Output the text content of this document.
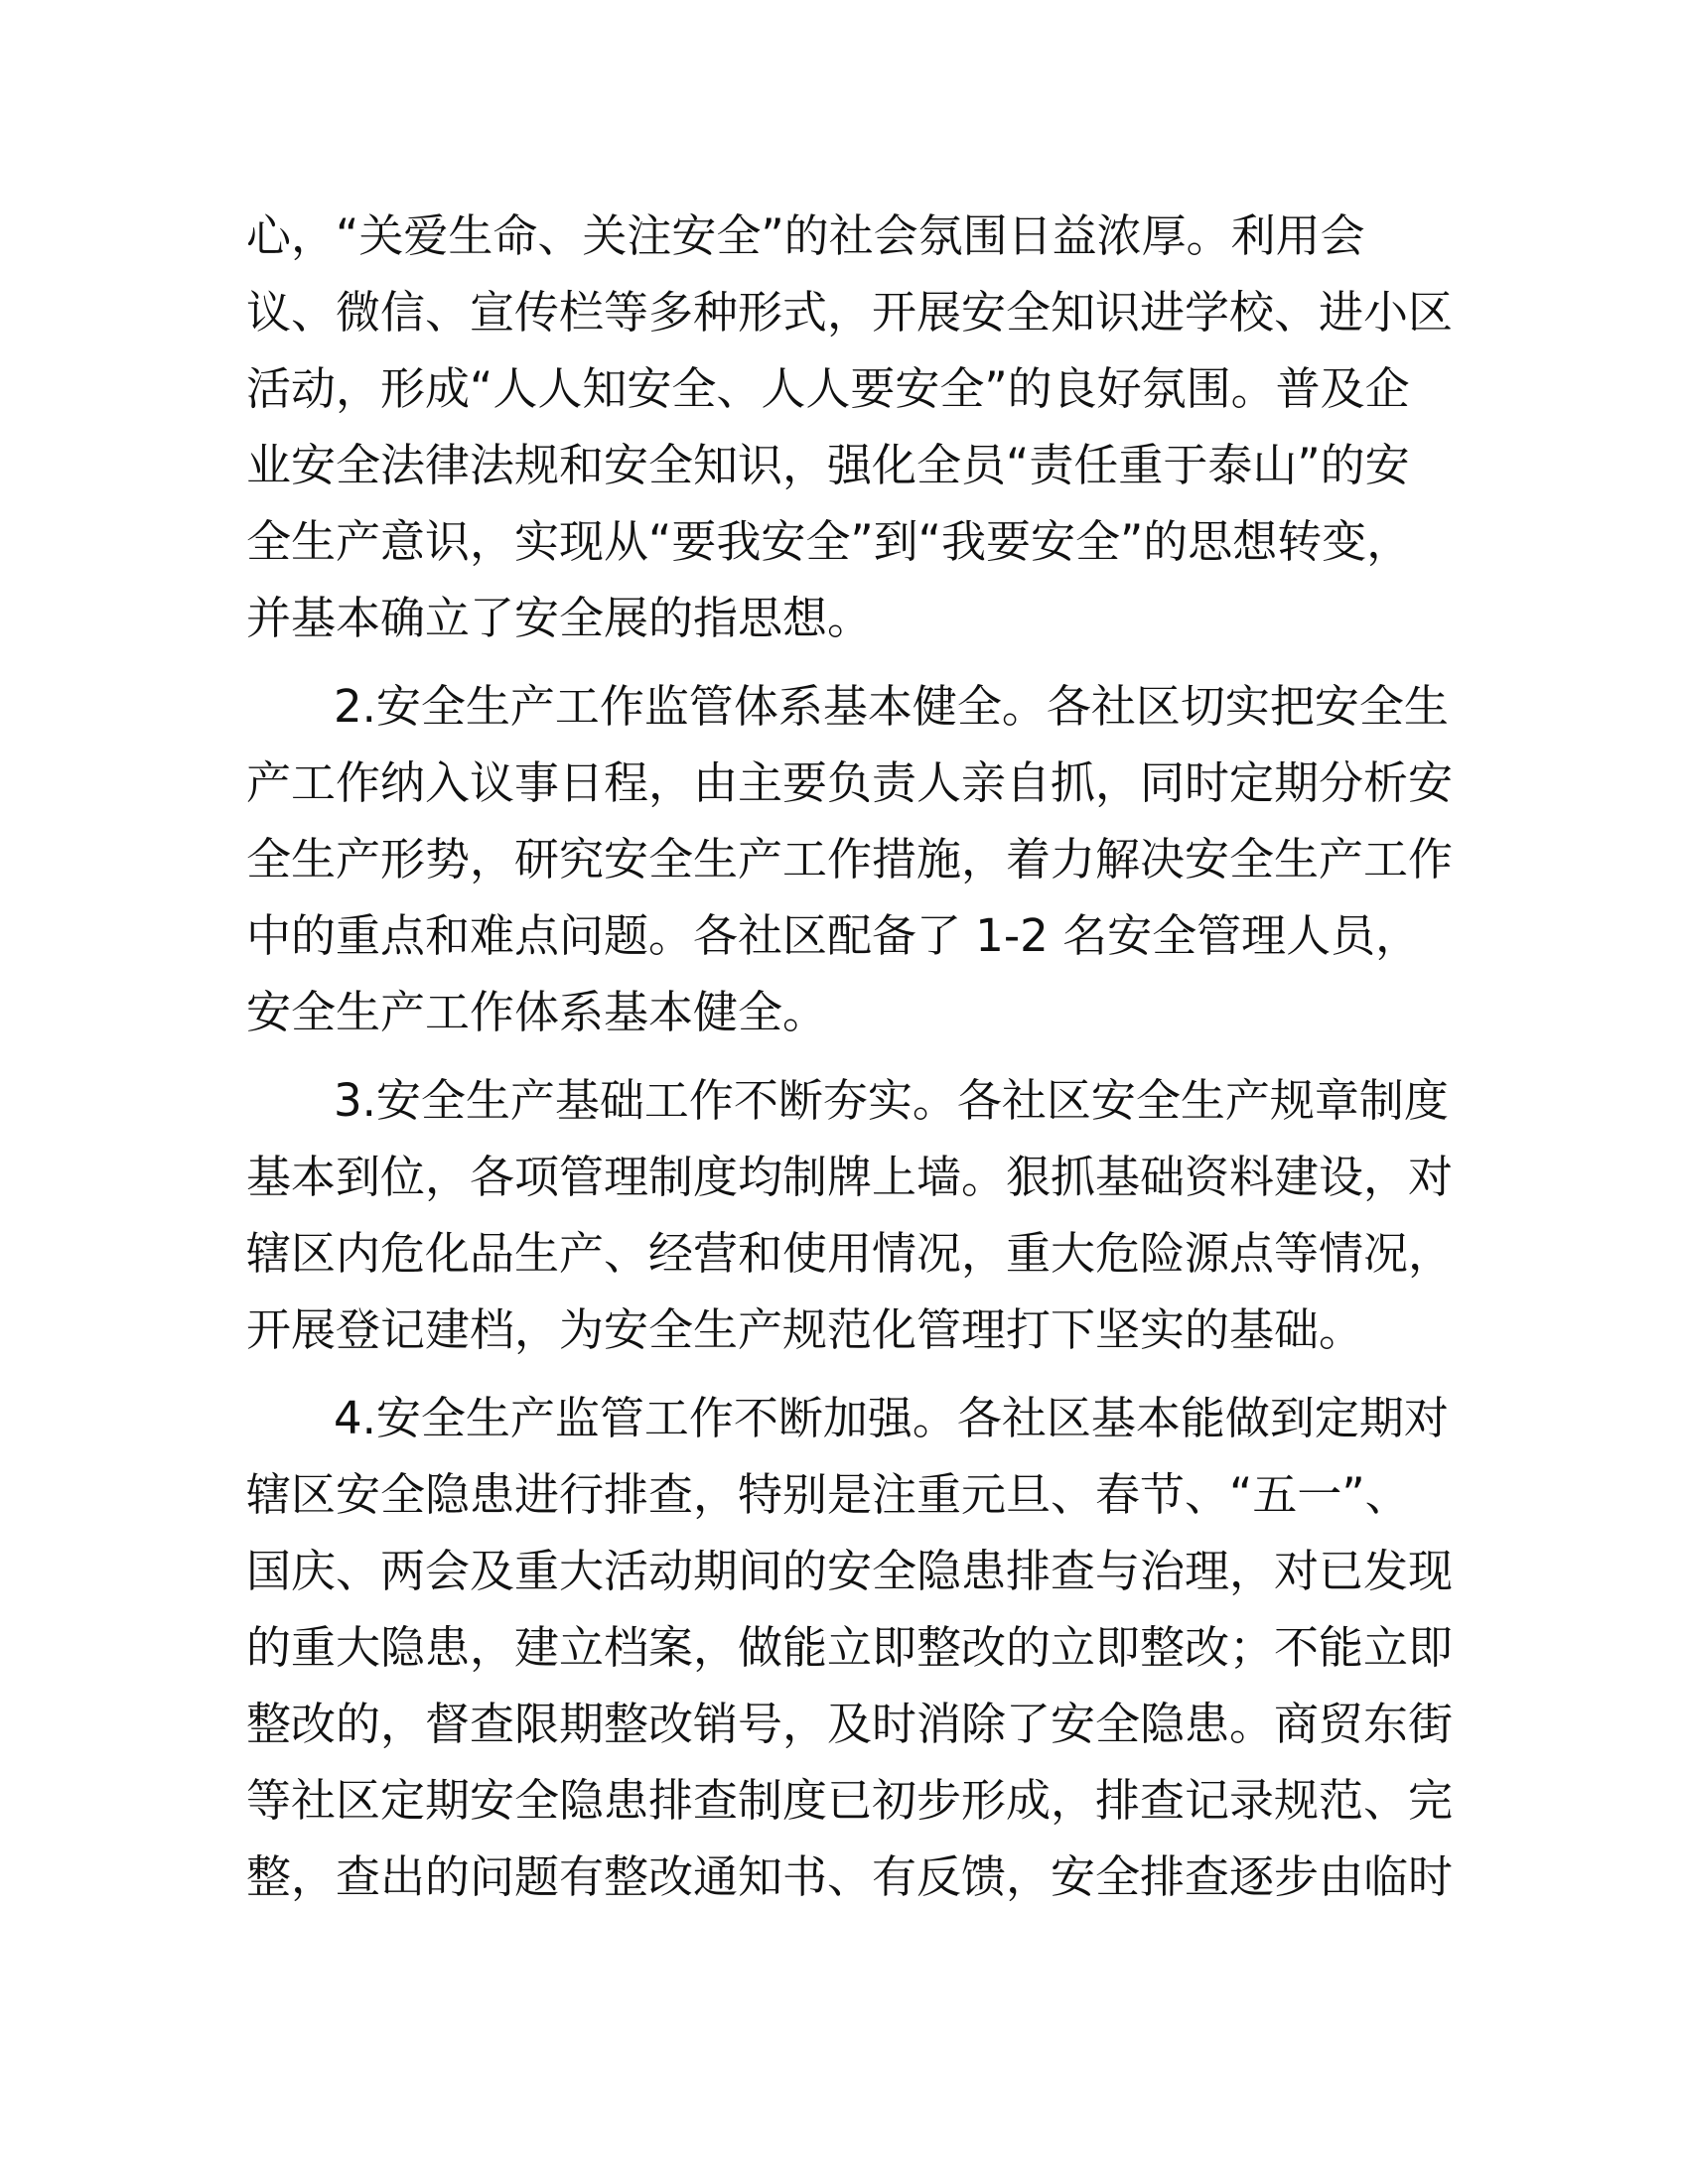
心，“关爱生命、关注安全”的社会氛围日益浓厚。利用会
议、微信、宣传栏等多种形式，开展安全知识进学校、进小区
活动，形成“人人知安全、人人要安全”的良好氛围。普及企
业安全法律法规和安全知识，强化全员“责任重于泰山”的安
全生产意识，实现从“要我安全”到“我要安全”的思想转变，
并基本确立了安全展的指思想。
2.安全生产工作监管体系基本健全。各社区切实把安全生
产工作纳入议事日程，由主要负责人亲自抓，同时定期分析安
全生产形势，研究安全生产工作措施，着力解决安全生产工作
中的重点和难点问题。各社区配备了 1-2 名安全管理人员，
安全生产工作体系基本健全。
3.安全生产基础工作不断夯实。各社区安全生产规章制度
基本到位，各项管理制度均制牌上墙。狠抓基础资料建设，对
辖区内危化品生产、经营和使用情况，重大危险源点等情况，
开展登记建档，为安全生产规范化管理打下坚实的基础。
4.安全生产监管工作不断加强。各社区基本能做到定期对
辖区安全隐患进行排查，特别是注重元旦、春节、“五一”、
国庆、两会及重大活动期间的安全隐患排查与治理，对已发现
的重大隐患，建立档案，做能立即整改的立即整改；不能立即
整改的，督查限期整改销号，及时消除了安全隐患。商贸东街
等社区定期安全隐患排查制度已初步形成，排查记录规范、完
整，查出的问题有整改通知书、有反馈，安全排查逐步由临时
